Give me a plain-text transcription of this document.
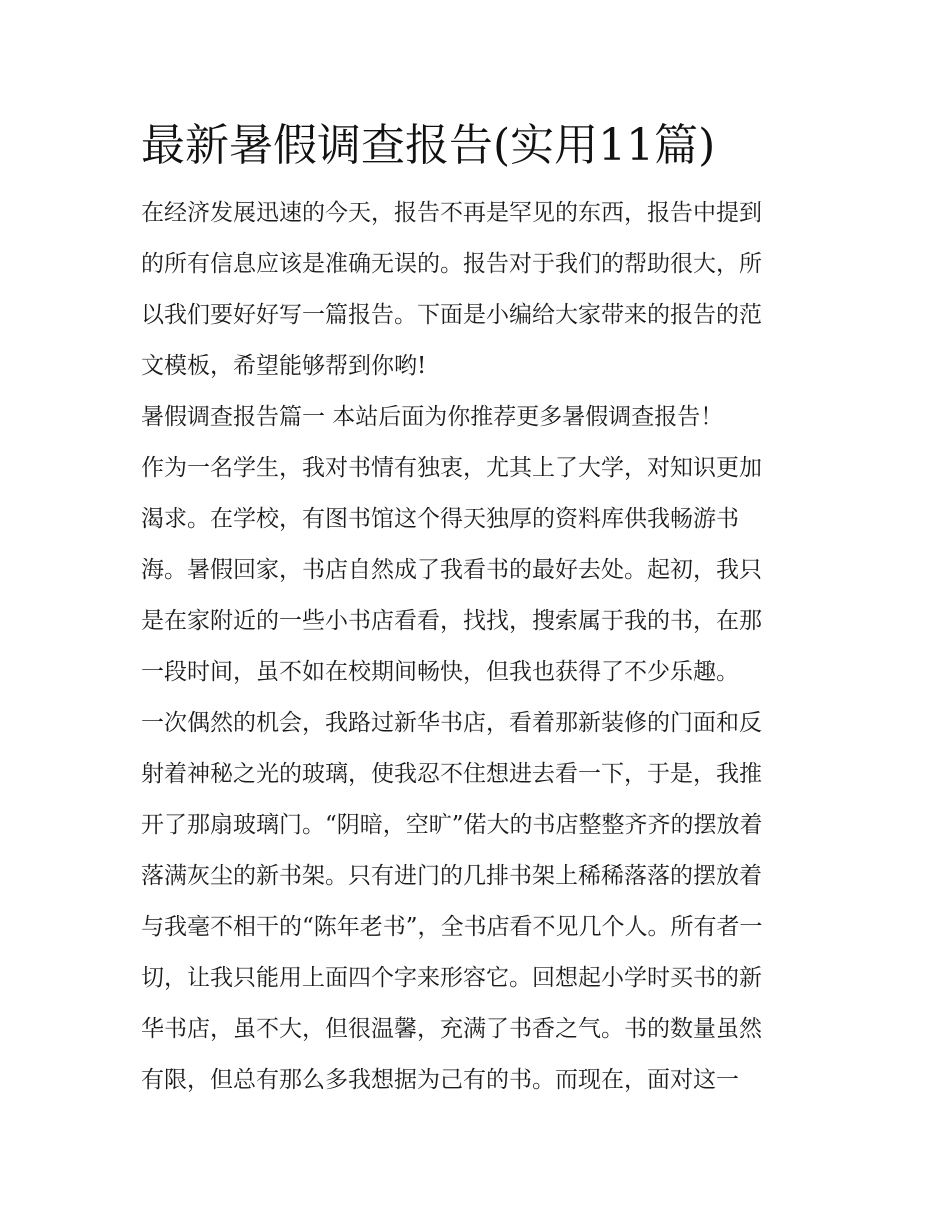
最新暑假调查报告(实用11篇)
在经济发展迅速的今天，报告不再是罕见的东西，报告中提到
的所有信息应该是准确无误的。报告对于我们的帮助很大，所
以我们要好好写一篇报告。下面是小编给大家带来的报告的范
文模板，希望能够帮到你哟!
暑假调查报告篇一 本站后面为你推荐更多暑假调查报告！
作为一名学生，我对书情有独衷，尤其上了大学，对知识更加
渴求。在学校，有图书馆这个得天独厚的资料库供我畅游书
海。暑假回家，书店自然成了我看书的最好去处。起初，我只
是在家附近的一些小书店看看，找找，搜索属于我的书，在那
一段时间，虽不如在校期间畅快，但我也获得了不少乐趣。
一次偶然的机会，我路过新华书店，看着那新装修的门面和反
射着神秘之光的玻璃，使我忍不住想进去看一下，于是，我推
开了那扇玻璃门。“阴暗，空旷”偌大的书店整整齐齐的摆放着
落满灰尘的新书架。只有进门的几排书架上稀稀落落的摆放着
与我毫不相干的“陈年老书”，全书店看不见几个人。所有者一
切，让我只能用上面四个字来形容它。回想起小学时买书的新
华书店，虽不大，但很温馨，充满了书香之气。书的数量虽然
有限，但总有那么多我想据为己有的书。而现在，面对这一
